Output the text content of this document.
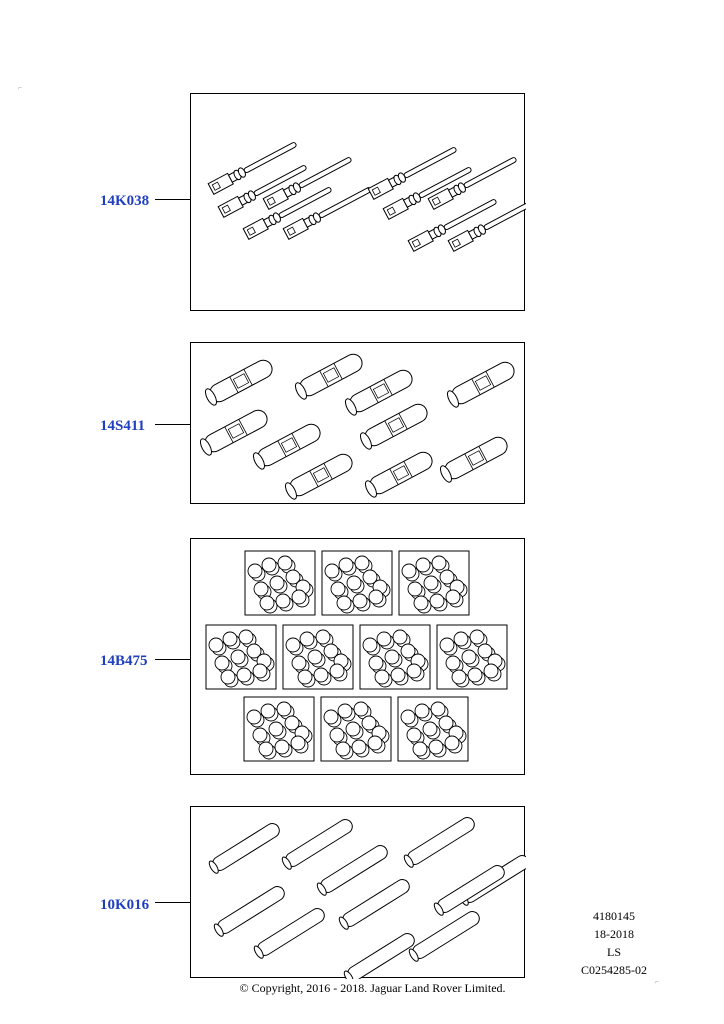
⌐
⌐
14K038
14S411
14B475
10K016
4180145
18-2018
LS
C0254285-02
© Copyright, 2016 - 2018. Jaguar Land Rover Limited.
